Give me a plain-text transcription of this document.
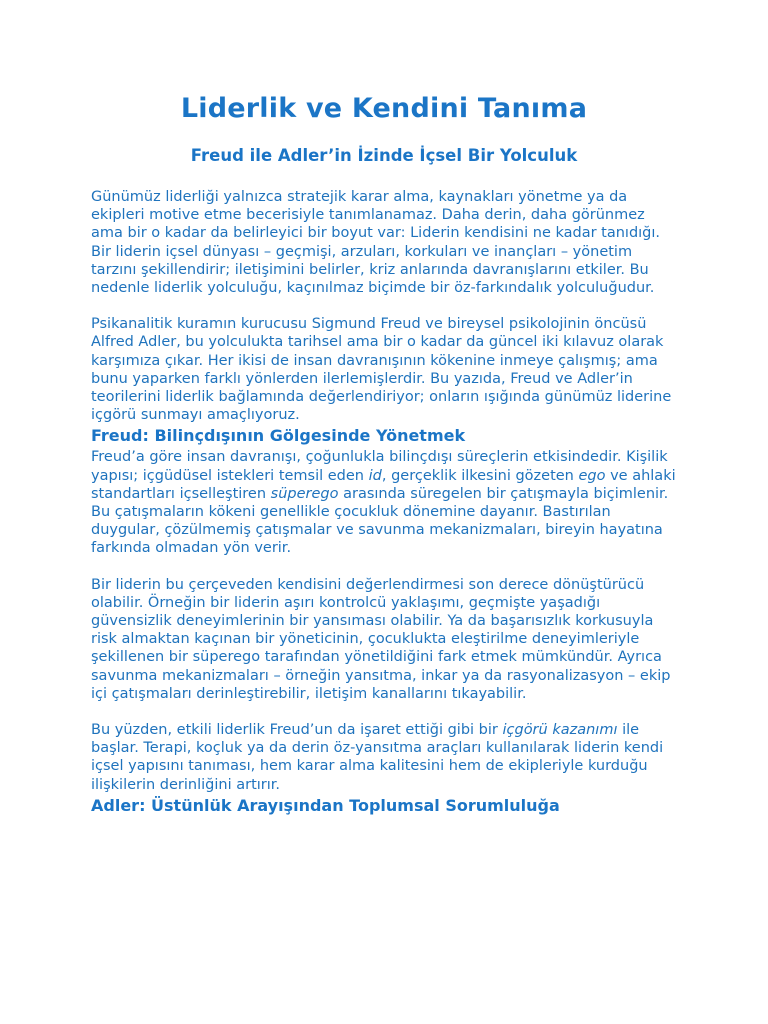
Liderlik ve Kendini Tanıma
Freud ile Adler’in İzinde İçsel Bir Yolculuk

Günümüz liderliği yalnızca stratejik karar alma, kaynakları yönetme ya da ekipleri motive etme becerisiyle tanımlanamaz. Daha derin, daha görünmez ama bir o kadar da belirleyici bir boyut var: Liderin kendisini ne kadar tanıdığı. Bir liderin içsel dünyası – geçmişi, arzuları, korkuları ve inançları – yönetim tarzını şekillendirir; iletişimini belirler, kriz anlarında davranışlarını etkiler. Bu nedenle liderlik yolculuğu, kaçınılmaz biçimde bir öz-farkındalık yolculuğudur.

Psikanalitik kuramın kurucusu Sigmund Freud ve bireysel psikolojinin öncüsü Alfred Adler, bu yolculukta tarihsel ama bir o kadar da güncel iki kılavuz olarak karşımıza çıkar. Her ikisi de insan davranışının kökenine inmeye çalışmış; ama bunu yaparken farklı yönlerden ilerlemişlerdir. Bu yazıda, Freud ve Adler’in teorilerini liderlik bağlamında değerlendiriyor; onların ışığında günümüz liderine içgörü sunmayı amaçlıyoruz.

Freud: Bilinçdışının Gölgesinde Yönetmek

Freud’a göre insan davranışı, çoğunlukla bilinçdışı süreçlerin etkisindedir. Kişilik yapısı; içgüdüsel istekleri temsil eden id, gerçeklik ilkesini gözeten ego ve ahlaki standartları içselleştiren süperego arasında süregelen bir çatışmayla biçimlenir. Bu çatışmaların kökeni genellikle çocukluk dönemine dayanır. Bastırılan duygular, çözülmemiş çatışmalar ve savunma mekanizmaları, bireyin hayatına farkında olmadan yön verir.

Bir liderin bu çerçeveden kendisini değerlendirmesi son derece dönüştürücü olabilir. Örneğin bir liderin aşırı kontrolcü yaklaşımı, geçmişte yaşadığı güvensizlik deneyimlerinin bir yansıması olabilir. Ya da başarısızlık korkusuyla risk almaktan kaçınan bir yöneticinin, çocuklukta eleştirilme deneyimleriyle şekillenen bir süperego tarafından yönetildiğini fark etmek mümkündür. Ayrıca savunma mekanizmaları – örneğin yansıtma, inkar ya da rasyonalizasyon – ekip içi çatışmaları derinleştirebilir, iletişim kanallarını tıkayabilir.

Bu yüzden, etkili liderlik Freud’un da işaret ettiği gibi bir içgörü kazanımı ile başlar. Terapi, koçluk ya da derin öz-yansıtma araçları kullanılarak liderin kendi içsel yapısını tanıması, hem karar alma kalitesini hem de ekipleriyle kurduğu ilişkilerin derinliğini artırır.

Adler: Üstünlük Arayışından Toplumsal Sorumluluğa
